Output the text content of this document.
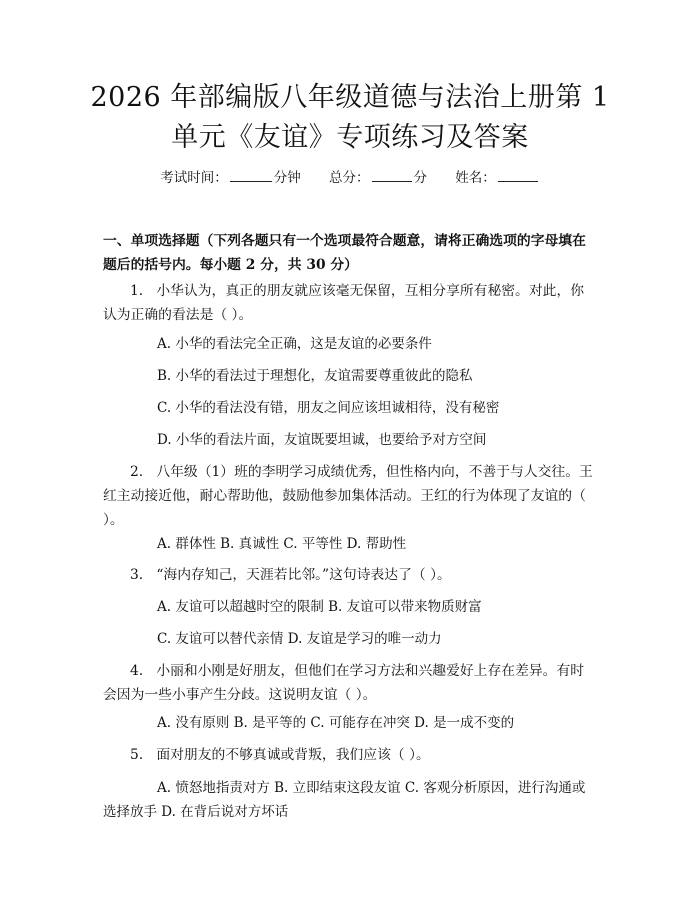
2026 年部编版八年级道德与法治上册第 1 单元《友谊》专项练习及答案
考试时间：	分钟 总分：	分 姓名：

一、单项选择题（下列各题只有一个选项最符合题意，请将正确选项的字母填在题后的括号内。每小题 2 分，共 30 分）

1. 小华认为，真正的朋友就应该毫无保留，互相分享所有秘密。对此，你认为正确的看法是（ ）。

A. 小华的看法完全正确，这是友谊的必要条件

B. 小华的看法过于理想化，友谊需要尊重彼此的隐私

C. 小华的看法没有错，朋友之间应该坦诚相待，没有秘密

D. 小华的看法片面，友谊既要坦诚，也要给予对方空间

2. 八年级（1）班的李明学习成绩优秀，但性格内向，不善于与人交往。王红主动接近他，耐心帮助他，鼓励他参加集体活动。王红的行为体现了友谊的（ ）。

A. 群体性 B. 真诚性 C. 平等性 D. 帮助性

3. “海内存知己，天涯若比邻。”这句诗表达了（ ）。

A. 友谊可以超越时空的限制 B. 友谊可以带来物质财富

C. 友谊可以替代亲情 D. 友谊是学习的唯一动力

4. 小丽和小刚是好朋友，但他们在学习方法和兴趣爱好上存在差异。有时会因为一些小事产生分歧。这说明友谊（ ）。

A. 没有原则 B. 是平等的 C. 可能存在冲突 D. 是一成不变的

5. 面对朋友的不够真诚或背叛，我们应该（ ）。

A. 愤怒地指责对方 B. 立即结束这段友谊 C. 客观分析原因，进行沟通或选择放手 D. 在背后说对方坏话
